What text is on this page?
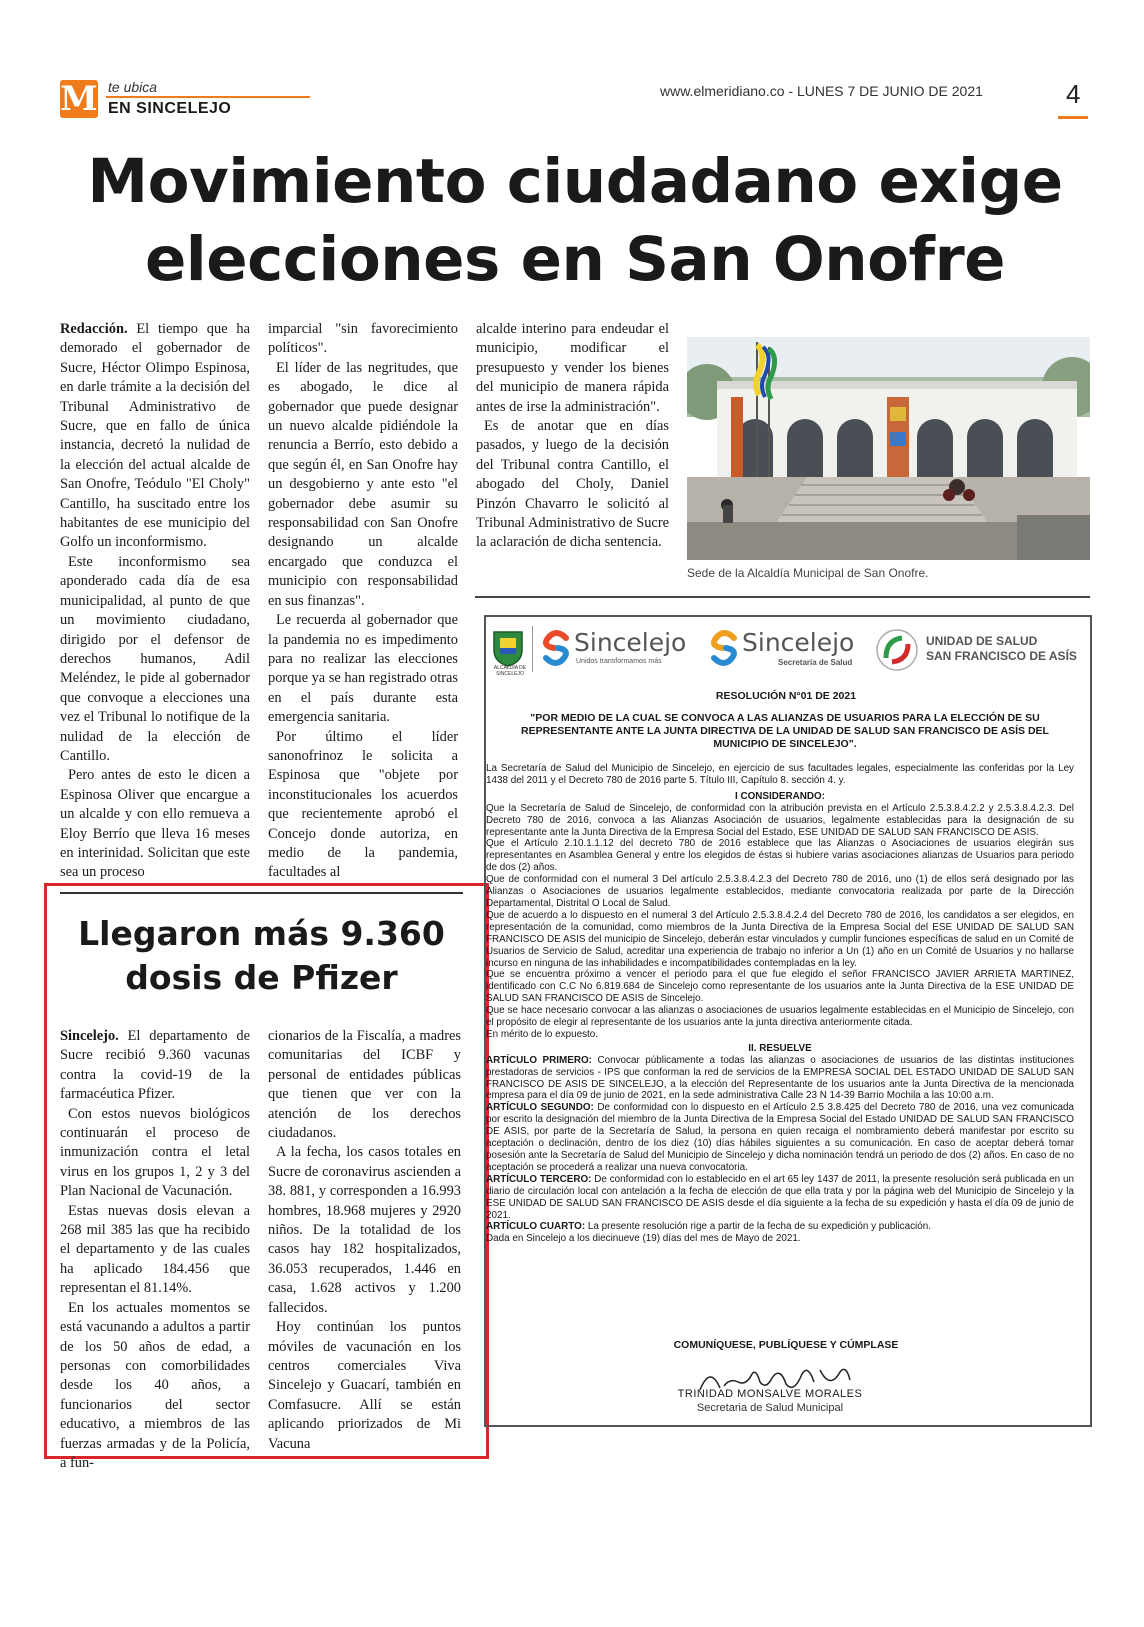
M te ubica
EN SINCELEJO
www.elmeridiano.co - LUNES 7 DE JUNIO DE 2021	4
Movimiento ciudadano exige
elecciones en San Onofre

Redacción. El tiempo que ha demorado el gobernador de Sucre, Héctor Olimpo Espinosa, en darle trámite a la decisión del Tribunal Administrativo de Sucre, que en fallo de única instancia, decretó la nulidad de la elección del actual alcalde de San Onofre, Teódulo "El Choly" Cantillo, ha suscitado entre los habitantes de ese municipio del Golfo un inconformismo.

Este inconformismo sea aponderado cada día de esa municipalidad, al punto de que un movimiento ciudadano, dirigido por el defensor de derechos humanos, Adil Meléndez, le pide al gobernador que convoque a elecciones una vez el Tribunal lo notifique de la nulidad de la elección de Cantillo.

Pero antes de esto le dicen a Espinosa Oliver que encargue a un alcalde y con ello remueva a Eloy Berrío que lleva 16 meses en interinidad. Solicitan que este sea un proceso

imparcial "sin favorecimiento políticos".

El líder de las negritudes, que es abogado, le dice al gobernador que puede designar un nuevo alcalde pidiéndole la renuncia a Berrío, esto debido a que según él, en San Onofre hay un desgobierno y ante esto "el gobernador debe asumir su responsabilidad con San Onofre designando un alcalde encargado que conduzca el municipio con responsabilidad en sus finanzas".

Le recuerda al gobernador que la pandemia no es impedimento para no realizar las elecciones porque ya se han registrado otras en el país durante esta emergencia sanitaria.

Por último el líder sanonofrinoz le solicita a Espinosa que "objete por inconstitucionales los acuerdos que recientemente aprobó el Concejo donde autoriza, en medio de la pandemia, facultades al

alcalde interino para endeudar el municipio, modificar el presupuesto y vender los bienes del municipio de manera rápida antes de irse la administración".

Es de anotar que en días pasados, y luego de la decisión del Tribunal contra Cantillo, el abogado del Choly, Daniel Pinzón Chavarro le solicitó al Tribunal Administrativo de Sucre la aclaración de dicha sentencia.

Sede de la Alcaldía Municipal de San Onofre.
Llegaron más 9.360
dosis de Pfizer

Sincelejo. El departamento de Sucre recibió 9.360 vacunas contra la covid-19 de la farmacéutica Pfizer.

Con estos nuevos biológicos continuarán el proceso de inmunización contra el letal virus en los grupos 1, 2 y 3 del Plan Nacional de Vacunación.

Estas nuevas dosis elevan a 268 mil 385 las que ha recibido el departamento y de las cuales ha aplicado 184.456 que representan el 81.14%.

En los actuales momentos se está vacunando a adultos a partir de los 50 años de edad, a personas con comorbilidades desde los 40 años, a funcionarios del sector educativo, a miembros de las fuerzas armadas y de la Policía, a fun-

cionarios de la Fiscalía, a madres comunitarias del ICBF y personal de entidades públicas que tienen que ver con la atención de los derechos ciudadanos.

A la fecha, los casos totales en Sucre de coronavirus ascienden a 38. 881, y corresponden a 16.993 hombres, 18.968 mujeres y 2920 niños. De la totalidad de los casos hay 182 hospitalizados, 36.053 recuperados, 1.446 en casa, 1.628 activos y 1.200 fallecidos.

Hoy continúan los puntos móviles de vacunación en los centros comerciales Viva Sincelejo y Guacarí, también en Comfasucre. Allí se están aplicando priorizados de Mi Vacuna

ALCALDÍA DE SINCELEJO
Sincelejo
Unidos transformamos más
Sincelejo
Secretaría de Salud
UNIDAD DE SALUD
SAN FRANCISCO DE ASÍS
RESOLUCIÓN N°01 DE 2021
"POR MEDIO DE LA CUAL SE CONVOCA A LAS ALIANZAS DE USUARIOS PARA LA ELECCIÓN DE SU REPRESENTANTE ANTE LA JUNTA DIRECTIVA DE LA UNIDAD DE SALUD SAN FRANCISCO DE ASÍS DEL MUNICIPIO DE SINCELEJO".

La Secretaría de Salud del Municipio de Sincelejo, en ejercicio de sus facultades legales, especialmente las conferidas por la Ley 1438 del 2011 y el Decreto 780 de 2016 parte 5. Título III, Capítulo 8. sección 4. y.

I CONSIDERANDO:

Que la Secretaría de Salud de Sincelejo, de conformidad con la atribución prevista en el Artículo 2.5.3.8.4.2.2 y 2.5.3.8.4.2.3. Del Decreto 780 de 2016, convoca a las Alianzas Asociación de usuarios, legalmente establecidas para la designación de su representante ante la Junta Directiva de la Empresa Social del Estado, ESE UNIDAD DE SALUD SAN FRANCISCO DE ASIS.

Que el Artículo 2.10.1.1.12 del decreto 780 de 2016 establece que las Alianzas o Asociaciones de usuarios elegirán sus representantes en Asamblea General y entre los elegidos de éstas si hubiere varias asociaciones alianzas de Usuarios para periodo de dos (2) años.

Que de conformidad con el numeral 3 Del artículo 2.5.3.8.4.2.3 del Decreto 780 de 2016, uno (1) de ellos será designado por las Alianzas o Asociaciones de usuarios legalmente establecidos, mediante convocatoria realizada por parte de la Dirección Departamental, Distrital O Local de Salud.

Que de acuerdo a lo dispuesto en el numeral 3 del Artículo 2.5.3.8.4.2.4 del Decreto 780 de 2016, los candidatos a ser elegidos, en representación de la comunidad, como miembros de la Junta Directiva de la Empresa Social del ESE UNIDAD DE SALUD SAN FRANCISCO DE ASIS del municipio de Sincelejo, deberán estar vinculados y cumplir funciones específicas de salud en un Comité de Usuarios de Servicio de Salud, acreditar una experiencia de trabajo no inferior a Un (1) año en un Comité de Usuarios y no hallarse incurso en ninguna de las inhabilidades e incompatibilidades contempladas en la ley.

Que se encuentra próximo a vencer el periodo para el que fue elegido el señor FRANCISCO JAVIER ARRIETA MARTINEZ, identificado con C.C No 6.819.684 de Sincelejo como representante de los usuarios ante la Junta Directiva de la ESE UNIDAD DE SALUD SAN FRANCISCO DE ASIS de Sincelejo.

Que se hace necesario convocar a las alianzas o asociaciones de usuarios legalmente establecidas en el Municipio de Sincelejo, con el propósito de elegir al representante de los usuarios ante la junta directiva anteriormente citada.

En mérito de lo expuesto.

II. RESUELVE

ARTÍCULO PRIMERO: Convocar públicamente a todas las alianzas o asociaciones de usuarios de las distintas instituciones prestadoras de servicios - IPS que conforman la red de servicios de la EMPRESA SOCIAL DEL ESTADO UNIDAD DE SALUD SAN FRANCISCO DE ASIS DE SINCELEJO, a la elección del Representante de los usuarios ante la Junta Directiva de la mencionada empresa para el día 09 de junio de 2021, en la sede administrativa Calle 23 N 14-39 Barrio Mochila a las 10:00 a.m.

ARTÍCULO SEGUNDO: De conformidad con lo dispuesto en el Artículo 2.5 3.8.425 del Decreto 780 de 2016, una vez comunicada por escrito la designación del miembro de la Junta Directiva de la Empresa Social del Estado UNIDAD DE SALUD SAN FRANCISCO DE ASIS, por parte de la Secretaría de Salud, la persona en quien recaiga el nombramiento deberá manifestar por escrito su aceptación o declinación, dentro de los diez (10) días hábiles siguientes a su comunicación. En caso de aceptar deberá tomar posesión ante la Secretaría de Salud del Municipio de Sincelejo y dicha nominación tendrá un periodo de dos (2) años. En caso de no aceptación se procederá a realizar una nueva convocatoria.

ARTÍCULO TERCERO: De conformidad con lo establecido en el art 65 ley 1437 de 2011, la presente resolución será publicada en un diario de circulación local con antelación a la fecha de elección de que ella trata y por la página web del Municipio de Sincelejo y la ESE UNIDAD DE SALUD SAN FRANCISCO DE ASIS desde el día siguiente a la fecha de su expedición y hasta el día 09 de junio de 2021.

ARTÍCULO CUARTO: La presente resolución rige a partir de la fecha de su expedición y publicación.

Dada en Sincelejo a los diecinueve (19) días del mes de Mayo de 2021.

COMUNÍQUESE, PUBLÍQUESE Y CÚMPLASE
TRINIDAD MONSALVE MORALES
Secretaria de Salud Municipal
